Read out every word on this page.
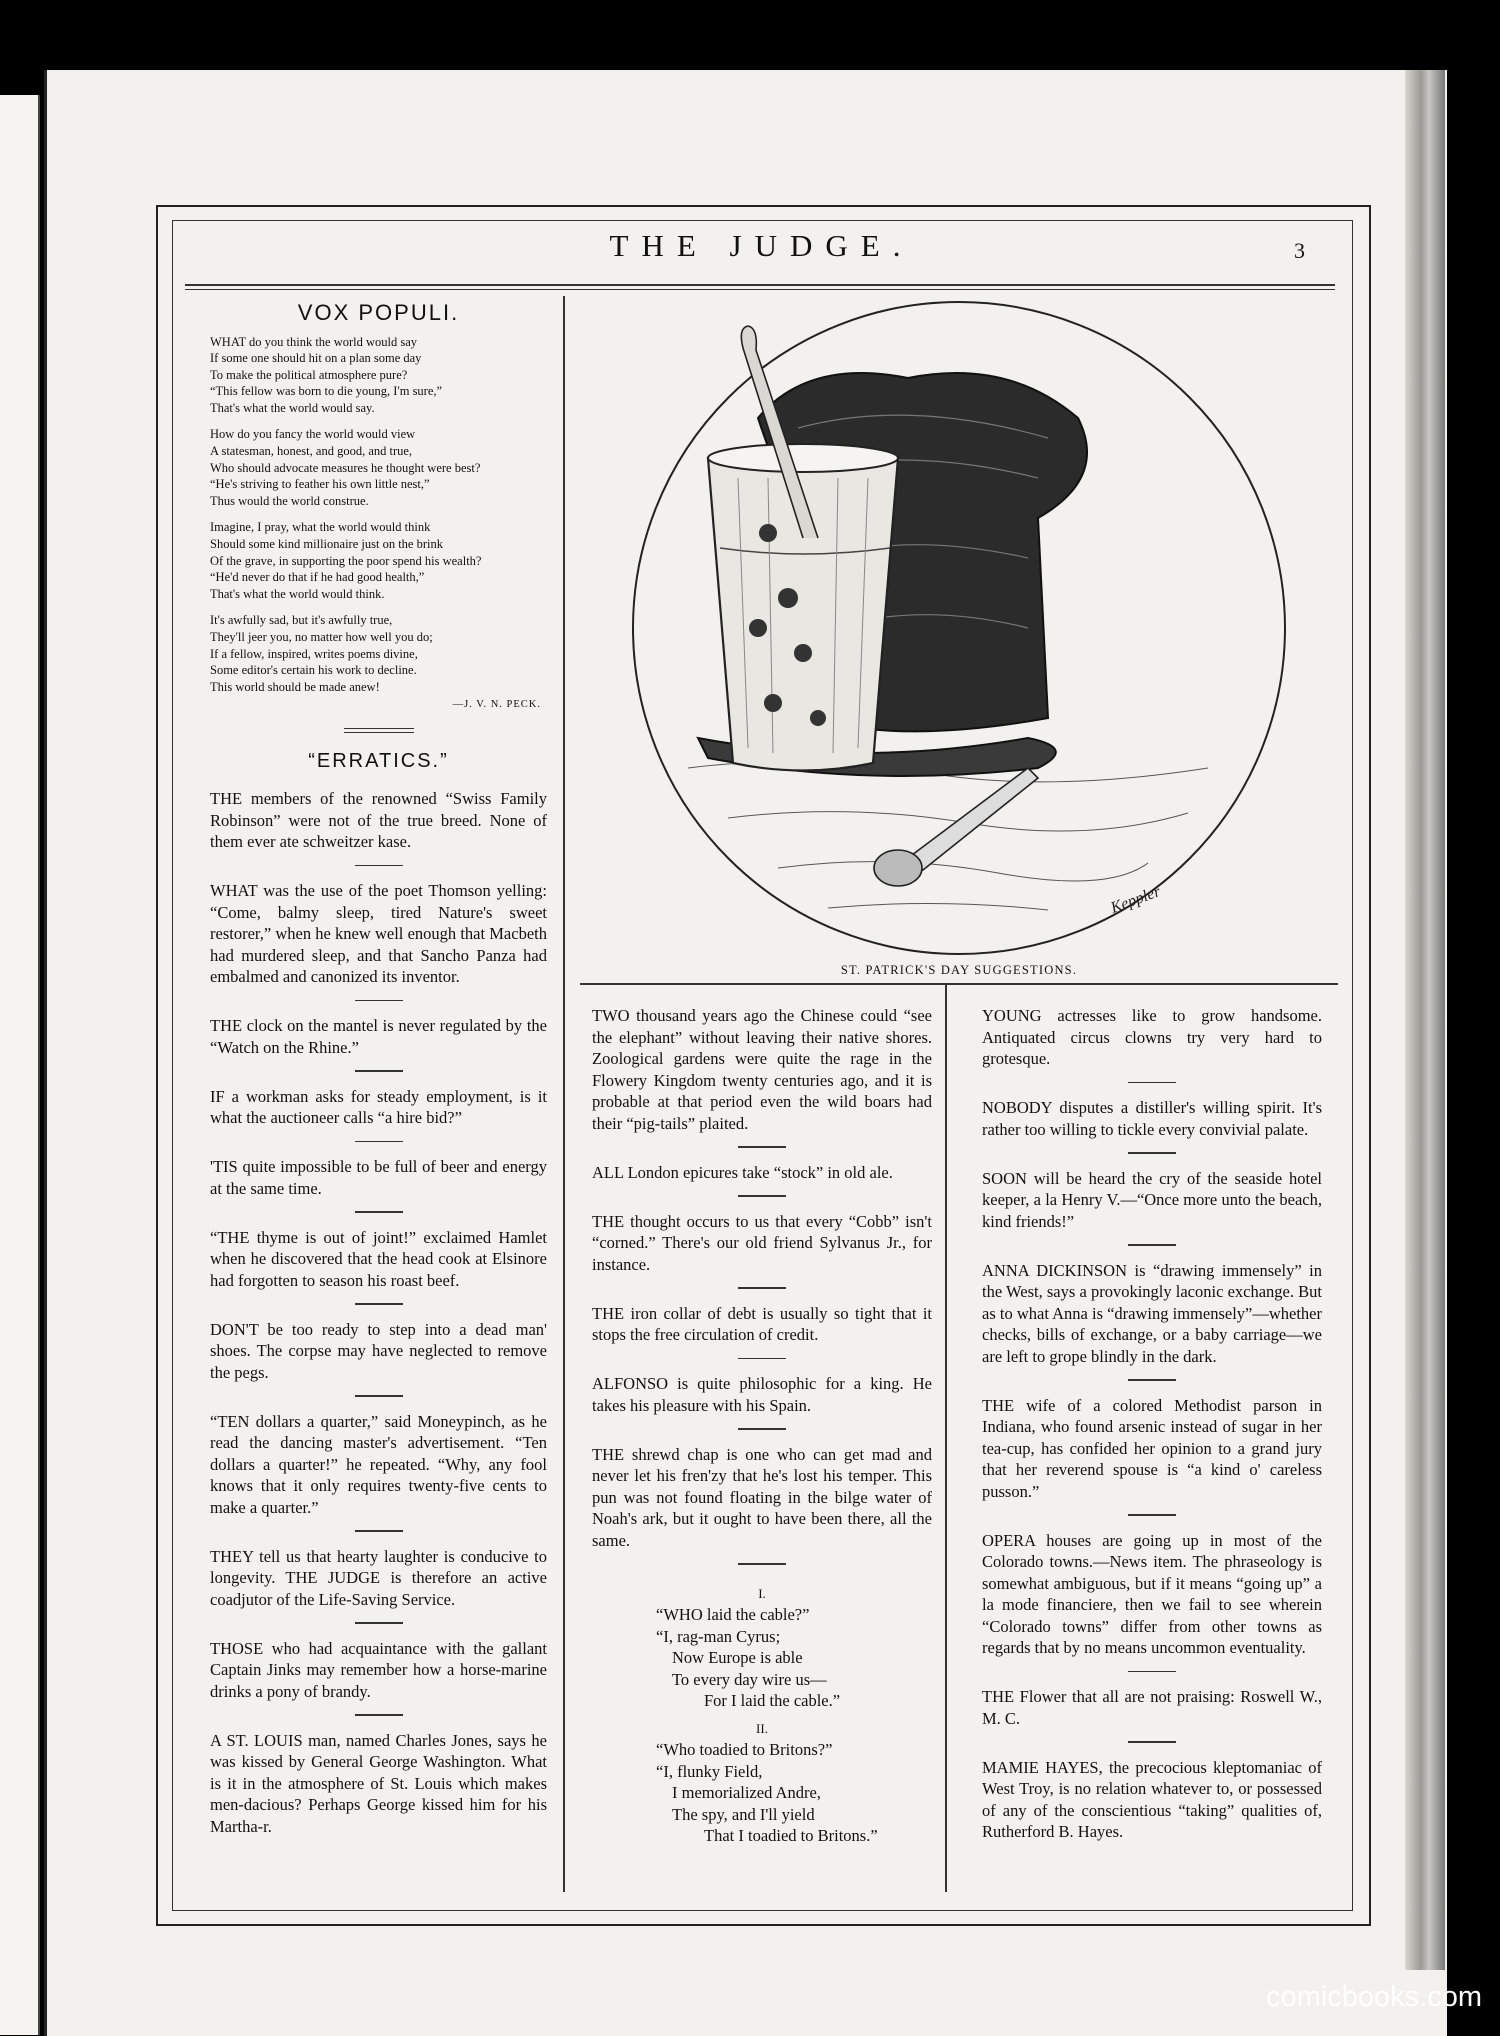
THE JUDGE.	3
VOX POPULI.
WHAT do you think the world would say
If some one should hit on a plan some day
To make the political atmosphere pure?
“This fellow was born to die young, I'm sure,”
That's what the world would say.
How do you fancy the world would view
A statesman, honest, and good, and true,
Who should advocate measures he thought were best?
“He's striving to feather his own little nest,”
Thus would the world construe.
Imagine, I pray, what the world would think
Should some kind millionaire just on the brink
Of the grave, in supporting the poor spend his wealth?
“He'd never do that if he had good health,”
That's what the world would think.
It's awfully sad, but it's awfully true,
They'll jeer you, no matter how well you do;
If a fellow, inspired, writes poems divine,
Some editor's certain his work to decline.
This world should be made anew!
—J. V. N. PECK.
“ERRATICS.”

THE members of the renowned “Swiss Family Robinson” were not of the true breed. None of them ever ate schweitzer kase.

WHAT was the use of the poet Thomson yelling: “Come, balmy sleep, tired Nature's sweet restorer,” when he knew well enough that Macbeth had murdered sleep, and that Sancho Panza had embalmed and canonized its inventor.

THE clock on the mantel is never regulated by the “Watch on the Rhine.”

IF a workman asks for steady employment, is it what the auctioneer calls “a hire bid?”

'TIS quite impossible to be full of beer and energy at the same time.

“THE thyme is out of joint!” exclaimed Hamlet when he discovered that the head cook at Elsinore had forgotten to season his roast beef.

DON'T be too ready to step into a dead man' shoes. The corpse may have neglected to remove the pegs.

“TEN dollars a quarter,” said Moneypinch, as he read the dancing master's advertisement. “Ten dollars a quarter!” he repeated. “Why, any fool knows that it only requires twenty-five cents to make a quarter.”

THEY tell us that hearty laughter is conducive to longevity. THE JUDGE is therefore an active coadjutor of the Life-Saving Service.

THOSE who had acquaintance with the gallant Captain Jinks may remember how a horse-marine drinks a pony of brandy.

A ST. LOUIS man, named Charles Jones, says he was kissed by General George Washington. What is it in the atmosphere of St. Louis which makes men-dacious? Perhaps George kissed him for his Martha-r.

Keppler
ST. PATRICK'S DAY SUGGESTIONS.

TWO thousand years ago the Chinese could “see the elephant” without leaving their native shores. Zoological gardens were quite the rage in the Flowery Kingdom twenty centuries ago, and it is probable at that period even the wild boars had their “pig-tails” plaited.

ALL London epicures take “stock” in old ale.

THE thought occurs to us that every “Cobb” isn't “corned.” There's our old friend Sylvanus Jr., for instance.

THE iron collar of debt is usually so tight that it stops the free circulation of credit.

ALFONSO is quite philosophic for a king. He takes his pleasure with his Spain.

THE shrewd chap is one who can get mad and never let his fren'zy that he's lost his temper. This pun was not found floating in the bilge water of Noah's ark, but it ought to have been there, all the same.

I.
“WHO laid the cable?”
“I, rag-man Cyrus;
Now Europe is able
To every day wire us—
For I laid the cable.”
II.
“Who toadied to Britons?”
“I, flunky Field,
I memorialized Andre,
The spy, and I'll yield
That I toadied to Britons.”

YOUNG actresses like to grow handsome. Antiquated circus clowns try very hard to grotesque.

NOBODY disputes a distiller's willing spirit. It's rather too willing to tickle every convivial palate.

SOON will be heard the cry of the seaside hotel keeper, a la Henry V.—“Once more unto the beach, kind friends!”

ANNA DICKINSON is “drawing immensely” in the West, says a provokingly laconic exchange. But as to what Anna is “drawing immensely”—whether checks, bills of exchange, or a baby carriage—we are left to grope blindly in the dark.

THE wife of a colored Methodist parson in Indiana, who found arsenic instead of sugar in her tea-cup, has confided her opinion to a grand jury that her reverend spouse is “a kind o' careless pusson.”

OPERA houses are going up in most of the Colorado towns.—News item. The phraseology is somewhat ambiguous, but if it means “going up” a la mode financiere, then we fail to see wherein “Colorado towns” differ from other towns as regards that by no means uncommon eventuality.

THE Flower that all are not praising: Roswell W., M. C.

MAMIE HAYES, the precocious kleptomaniac of West Troy, is no relation whatever to, or possessed of any of the conscientious “taking” qualities of, Rutherford B. Hayes.

comicbooks.com
